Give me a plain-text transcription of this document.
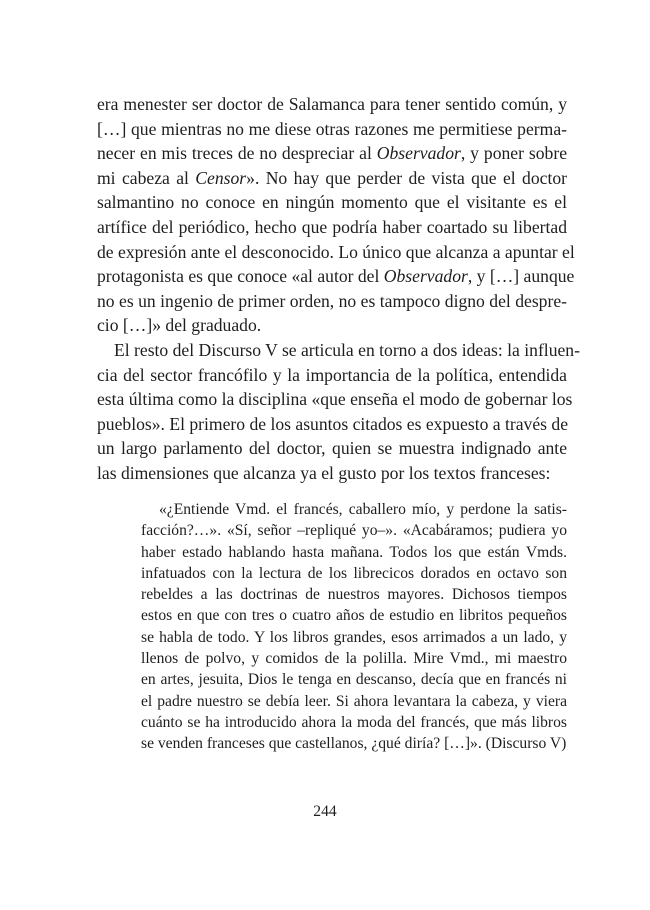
era menester ser doctor de Salamanca para tener sentido común, y
[…] que mientras no me diese otras razones me permitiese perma-
necer en mis treces de no despreciar al Observador, y poner sobre
mi cabeza al Censor». No hay que perder de vista que el doctor
salmantino no conoce en ningún momento que el visitante es el
artífice del periódico, hecho que podría haber coartado su libertad
de expresión ante el desconocido. Lo único que alcanza a apuntar el
protagonista es que conoce «al autor del Observador, y […] aunque
no es un ingenio de primer orden, no es tampoco digno del despre-
cio […]» del graduado.
El resto del Discurso V se articula en torno a dos ideas: la influen-
cia del sector francófilo y la importancia de la política, entendida
esta última como la disciplina «que enseña el modo de gobernar los
pueblos». El primero de los asuntos citados es expuesto a través de
un largo parlamento del doctor, quien se muestra indignado ante
las dimensiones que alcanza ya el gusto por los textos franceses:
«¿Entiende Vmd. el francés, caballero mío, y perdone la satis-
facción?…». «Sí, señor –repliqué yo–». «Acabáramos; pudiera yo
haber estado hablando hasta mañana. Todos los que están Vmds.
infatuados con la lectura de los librecicos dorados en octavo son
rebeldes a las doctrinas de nuestros mayores. Dichosos tiempos
estos en que con tres o cuatro años de estudio en libritos pequeños
se habla de todo. Y los libros grandes, esos arrimados a un lado, y
llenos de polvo, y comidos de la polilla. Mire Vmd., mi maestro
en artes, jesuita, Dios le tenga en descanso, decía que en francés ni
el padre nuestro se debía leer. Si ahora levantara la cabeza, y viera
cuánto se ha introducido ahora la moda del francés, que más libros
se venden franceses que castellanos, ¿qué diría? […]». (Discurso V)
244
